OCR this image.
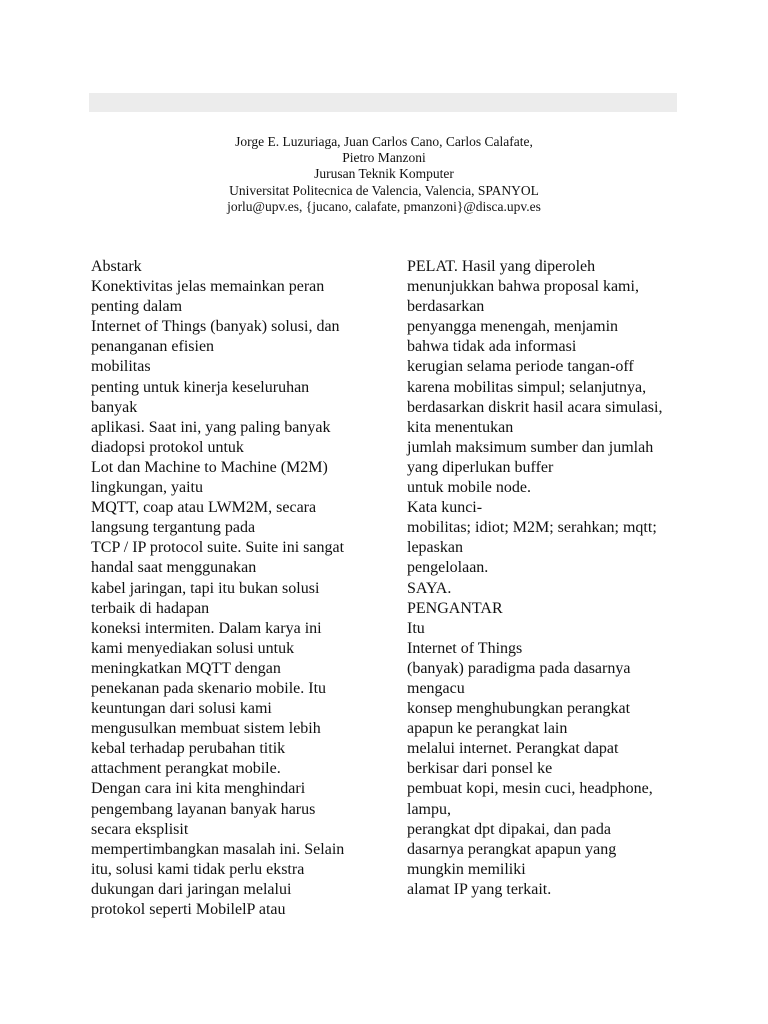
Jorge E. Luzuriaga, Juan Carlos Cano, Carlos Calafate,
Pietro Manzoni
Jurusan Teknik Komputer
Universitat Politecnica de Valencia, Valencia, SPANYOL
jorlu@upv.es, {jucano, calafate, pmanzoni}@disca.upv.es
Abstark
Konektivitas jelas memainkan peran
penting dalam
Internet of Things (banyak) solusi, dan
penanganan efisien
mobilitas
penting untuk kinerja keseluruhan
banyak
aplikasi. Saat ini, yang paling banyak
diadopsi protokol untuk
Lot dan Machine to Machine (M2M)
lingkungan, yaitu
MQTT, coap atau LWM2M, secara
langsung tergantung pada
TCP / IP protocol suite. Suite ini sangat
handal saat menggunakan
kabel jaringan, tapi itu bukan solusi
terbaik di hadapan
koneksi intermiten. Dalam karya ini
kami menyediakan solusi untuk
meningkatkan MQTT dengan
penekanan pada skenario mobile. Itu
keuntungan dari solusi kami
mengusulkan membuat sistem lebih
kebal terhadap perubahan titik
attachment perangkat mobile.
Dengan cara ini kita menghindari
pengembang layanan banyak harus
secara eksplisit
mempertimbangkan masalah ini. Selain
itu, solusi kami tidak perlu ekstra
dukungan dari jaringan melalui
protokol seperti MobilelP atau
PELAT. Hasil yang diperoleh
menunjukkan bahwa proposal kami,
berdasarkan
penyangga menengah, menjamin
bahwa tidak ada informasi
kerugian selama periode tangan-off
karena mobilitas simpul; selanjutnya,
berdasarkan diskrit hasil acara simulasi,
kita menentukan
jumlah maksimum sumber dan jumlah
yang diperlukan buffer
untuk mobile node.
Kata kunci-
mobilitas; idiot; M2M; serahkan; mqtt;
lepaskan
pengelolaan.
SAYA.
PENGANTAR
Itu
Internet of Things
(banyak) paradigma pada dasarnya
mengacu
konsep menghubungkan perangkat
apapun ke perangkat lain
melalui internet. Perangkat dapat
berkisar dari ponsel ke
pembuat kopi, mesin cuci, headphone,
lampu,
perangkat dpt dipakai, dan pada
dasarnya perangkat apapun yang
mungkin memiliki
alamat IP yang terkait.
